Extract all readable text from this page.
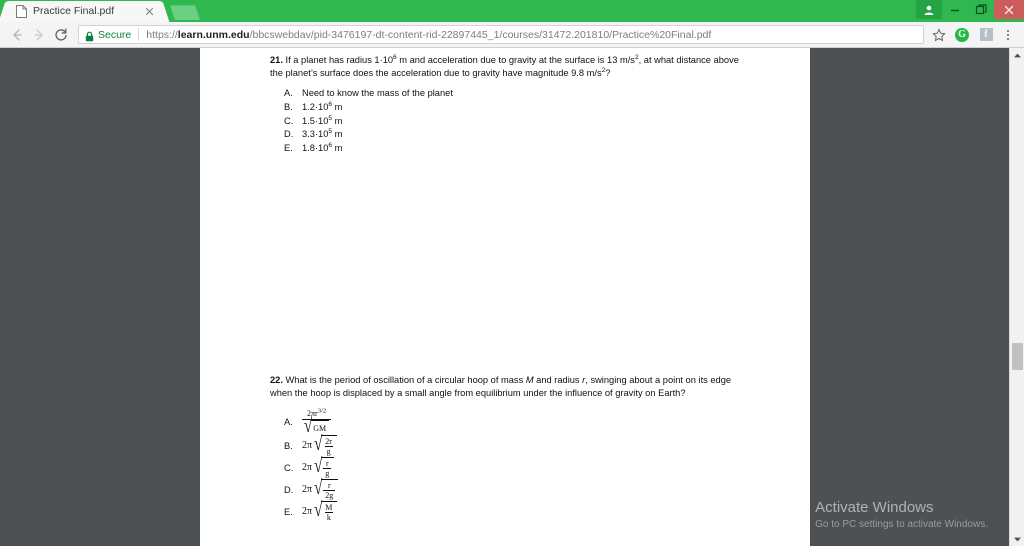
Practice Final.pdf
Secure https://learn.unm.edu/bbcswebdav/pid-3476197-dt-content-rid-22897445_1/courses/31472.201810/Practice%20Final.pdf	G	f
21. If a planet has radius $1\cdot 10^6$ m and acceleration due to gravity at the surface is 13 $m/s^2$, at what distance above the planet’s surface does the acceleration due to gravity have magnitude 9.8 $m/s^2$?
A. Need to know the mass of the planet
B. $1.2\cdot 10^6$ m
C. $1.5\cdot 10^5$ m
D. $3.3\cdot 10^5$ m
E. $1.8\cdot 10^6$ m
22. What is the period of oscillation of a circular hoop of mass M and radius r, swinging about a point on its edge when the hoop is displaced by a small angle from equilibrium under the influence of gravity on Earth?
A.	$\frac{2\pi r^{3/2}}{√ GM}$
B. 2π √ $\frac{2r}{g}$
C. 2π √ $\frac{r}{g}$
D. 2π √ $\frac{r}{2g}$
E. 2π √ $\frac{M}{k}$	Activate Windows
Go to PC settings to activate Windows.
